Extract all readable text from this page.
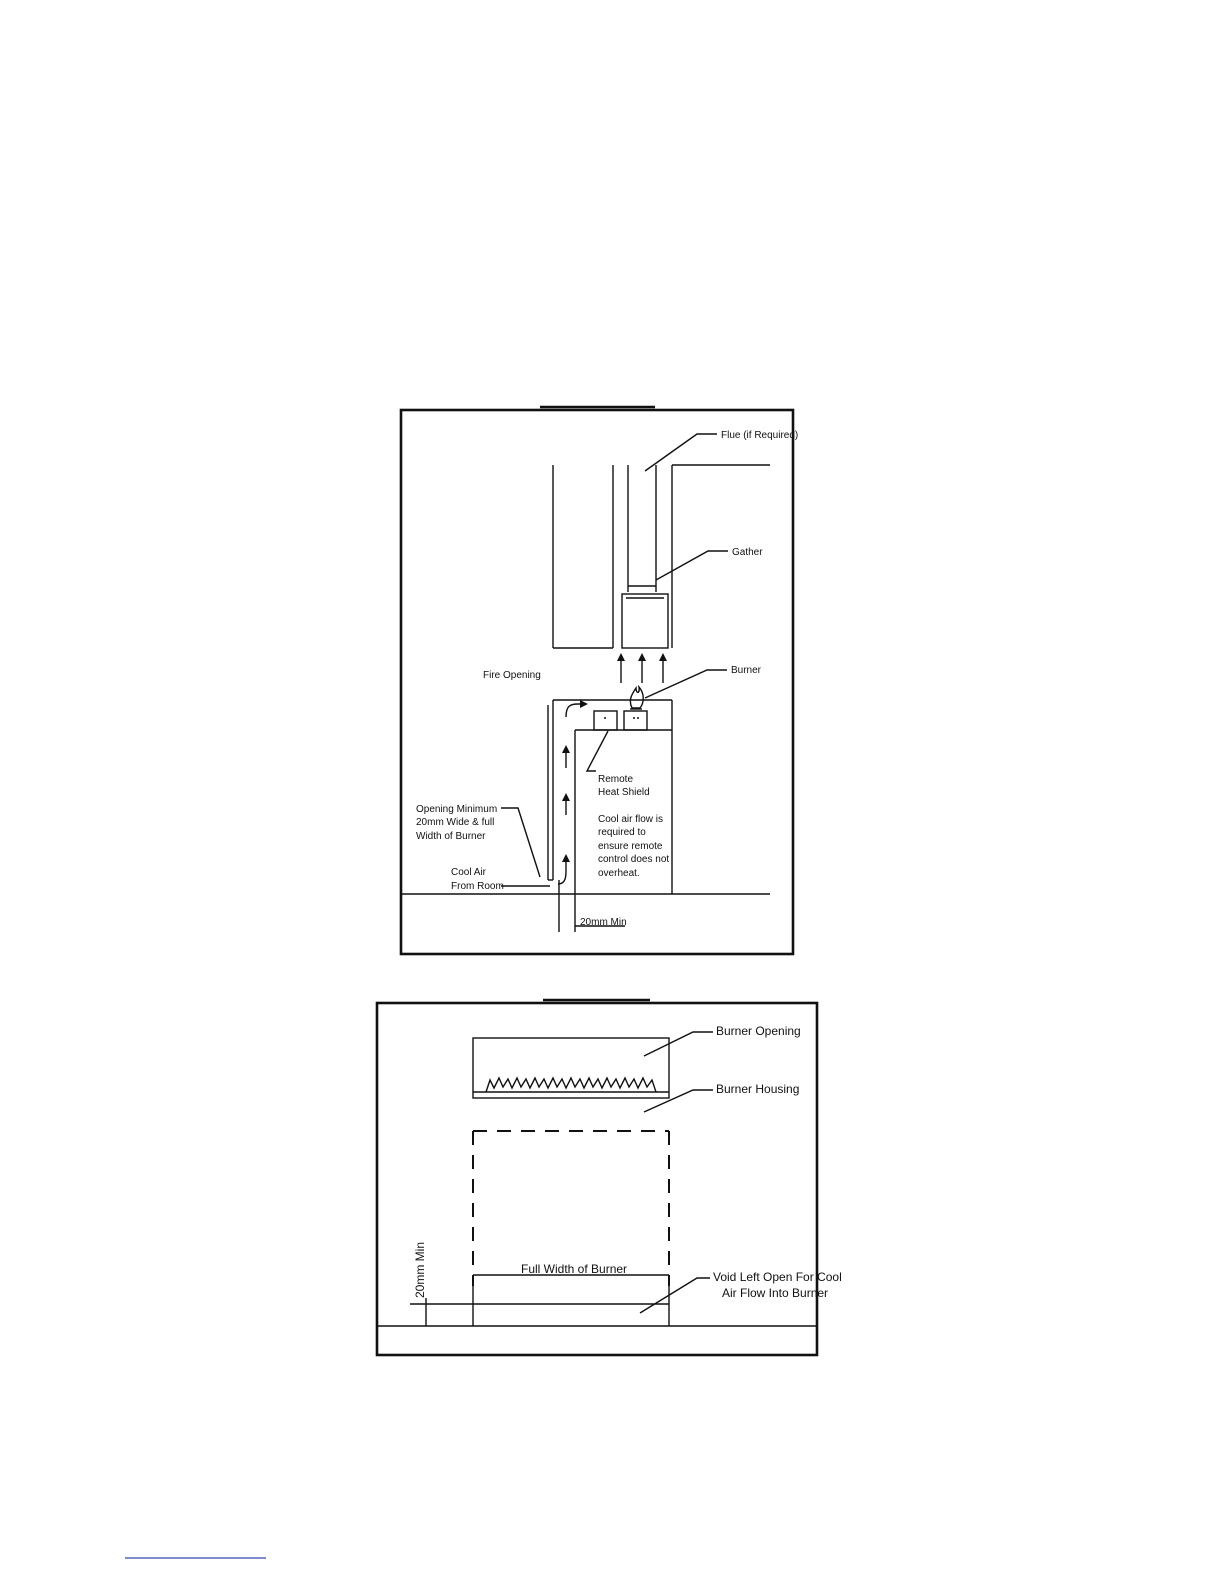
Flue (if Required)
Gather
Fire Opening	Burner
Remote
Heat Shield
Cool air flow is
required to
ensure remote
control does not
overheat.
Opening Minimum
20mm Wide & full
Width of Burner
Cool Air
From Room
20mm Min
Burner Opening
Burner Housing
Full Width of Burner
Void Left Open For Cool
Air Flow Into Burner
20mm Min
